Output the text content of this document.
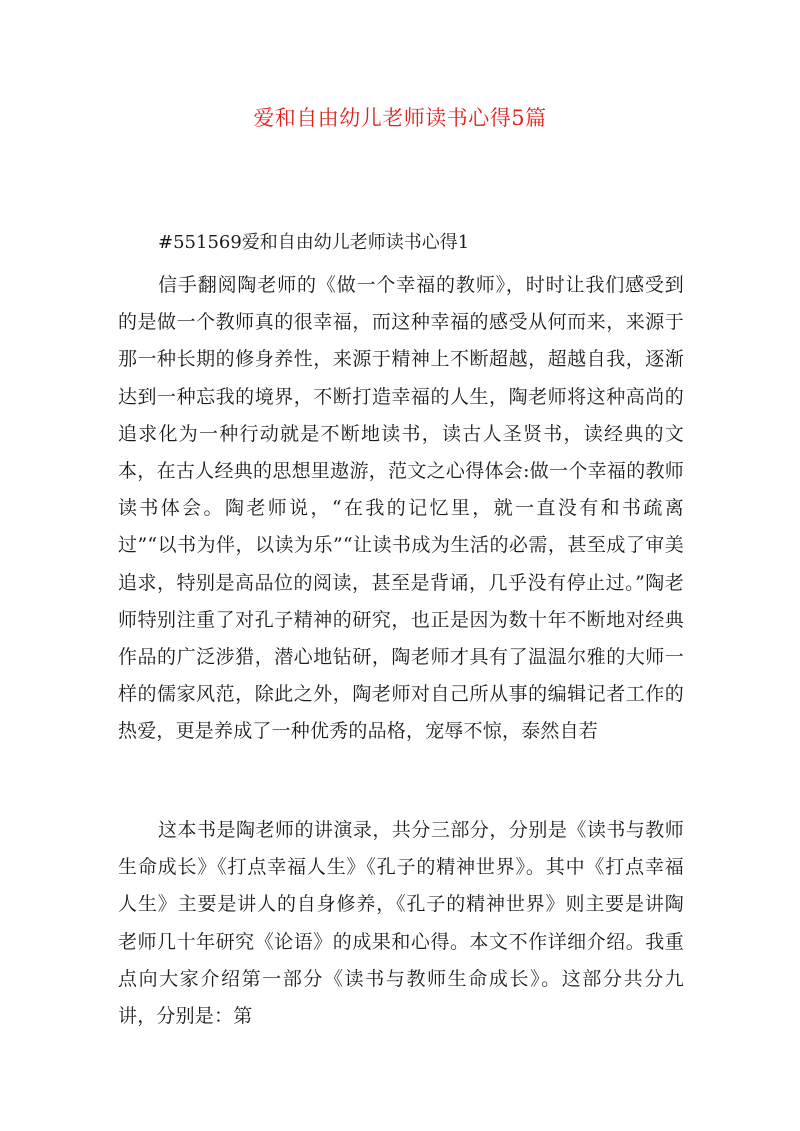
爱和自由幼儿老师读书心得5篇
#551569爱和自由幼儿老师读书心得1

信手翻阅陶老师的《做一个幸福的教师》，时时让我们感受到的是做一个教师真的很幸福，而这种幸福的感受从何而来，来源于那一种长期的修身养性，来源于精神上不断超越，超越自我，逐渐达到一种忘我的境界，不断打造幸福的人生，陶老师将这种高尚的追求化为一种行动就是不断地读书，读古人圣贤书，读经典的文本，在古人经典的思想里遨游，范文之心得体会:做一个幸福的教师读书体会。陶老师说，“在我的记忆里，就一直没有和书疏离过”“以书为伴，以读为乐”“让读书成为生活的必需，甚至成了审美追求，特别是高品位的阅读，甚至是背诵，几乎没有停止过。”陶老师特别注重了对孔子精神的研究，也正是因为数十年不断地对经典作品的广泛涉猎，潜心地钻研，陶老师才具有了温温尔雅的大师一样的儒家风范，除此之外，陶老师对自己所从事的编辑记者工作的热爱，更是养成了一种优秀的品格，宠辱不惊，泰然自若

这本书是陶老师的讲演录，共分三部分，分别是《读书与教师生命成长》《打点幸福人生》《孔子的精神世界》。其中《打点幸福人生》主要是讲人的自身修养，《孔子的精神世界》则主要是讲陶老师几十年研究《论语》的成果和心得。本文不作详细介绍。我重点向大家介绍第一部分《读书与教师生命成长》。这部分共分九讲，分别是：第
